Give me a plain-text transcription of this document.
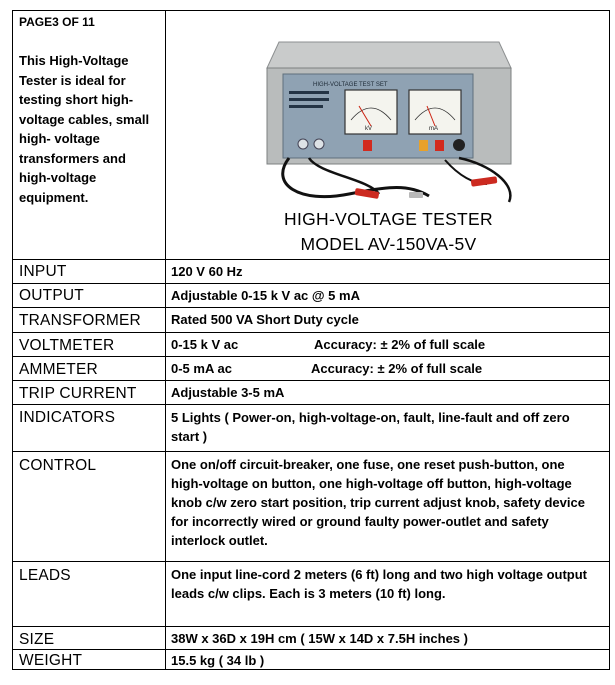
PAGE3 OF 11
This High-Voltage Tester is ideal for testing short high-voltage cables, small high- voltage transformers and high-voltage equipment.
HIGH-VOLTAGE TEST SET
kV	mA
HIGH-VOLTAGE TESTER
MODEL AV-150VA-5V
INPUT	120 V 60 Hz
OUTPUT	Adjustable 0-15 k V ac @ 5 mA
TRANSFORMER Rated 500 VA Short Duty cycle
VOLTMETER	0-15 k V ac	Accuracy: ± 2% of full scale
AMMETER	0-5 mA ac	Accuracy: ± 2% of full scale
TRIP CURRENT	Adjustable 3-5 mA
INDICATORS	5 Lights ( Power-on, high-voltage-on, fault, line-fault and off zero start )
CONTROL	One on/off circuit-breaker, one fuse, one reset push-button, one high-voltage on button, one high-voltage off button, high-voltage knob c/w zero start position, trip current adjust knob, safety device for incorrectly wired or ground faulty power-outlet and safety interlock outlet.
LEADS	One input line-cord 2 meters (6 ft) long and two high voltage output leads c/w clips. Each is 3 meters (10 ft) long.
SIZE	38W x 36D x 19H cm ( 15W x 14D x 7.5H inches )
WEIGHT	15.5 kg ( 34 lb )
